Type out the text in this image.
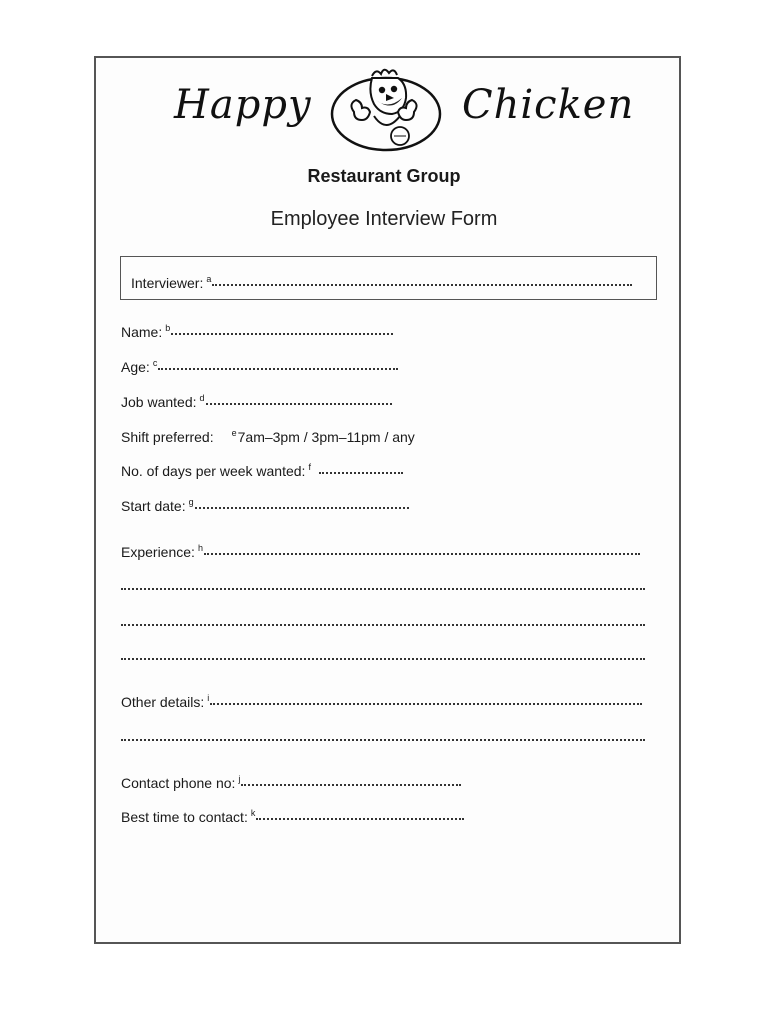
Happy	Chicken
Restaurant Group
Employee Interview Form
Interviewer: $^a$
Name: $^b$
Age: $^c$
Job wanted: $^d$
Shift preferred: $^e$7am–3pm / 3pm–11pm / any
No. of days per week wanted: $^f$
Start date: $^g$
Experience: $^h$
Other details: $^i$
Contact phone no: $^j$
Best time to contact: $^k$
